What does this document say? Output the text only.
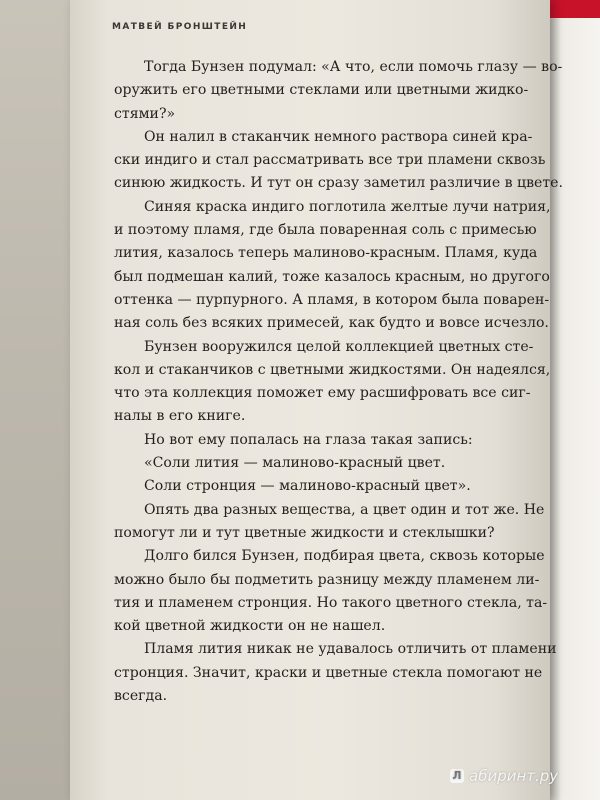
МАТВЕЙ БРОНШТЕЙН
Тогда Бунзен подумал: «А что, если помочь глазу — во-
оружить его цветными стеклами или цветными жидко-
стями?»
Он налил в стаканчик немного раствора синей кра-
ски индиго и стал рассматривать все три пламени сквозь
синюю жидкость. И тут он сразу заметил различие в цвете.
Синяя краска индиго поглотила желтые лучи натрия,
и поэтому пламя, где была поваренная соль с примесью
лития, казалось теперь малиново-красным. Пламя, куда
был подмешан калий, тоже казалось красным, но другого
оттенка — пурпурного. А пламя, в котором была поварен-
ная соль без всяких примесей, как будто и вовсе исчезло.
Бунзен вооружился целой коллекцией цветных сте-
кол и стаканчиков с цветными жидкостями. Он надеялся,
что эта коллекция поможет ему расшифровать все сиг-
налы в его книге.
Но вот ему попалась на глаза такая запись:
«Соли лития — малиново-красный цвет.
Соли стронция — малиново-красный цвет».
Опять два разных вещества, а цвет один и тот же. Не
помогут ли и тут цветные жидкости и стеклышки?
Долго бился Бунзен, подбирая цвета, сквозь которые
можно было бы подметить разницу между пламенем ли-
тия и пламенем стронция. Но такого цветного стекла, та-
кой цветной жидкости он не нашел.
Пламя лития никак не удавалось отличить от пламени
стронция. Значит, краски и цветные стекла помогают не
всегда.
Л абиринт.ру
